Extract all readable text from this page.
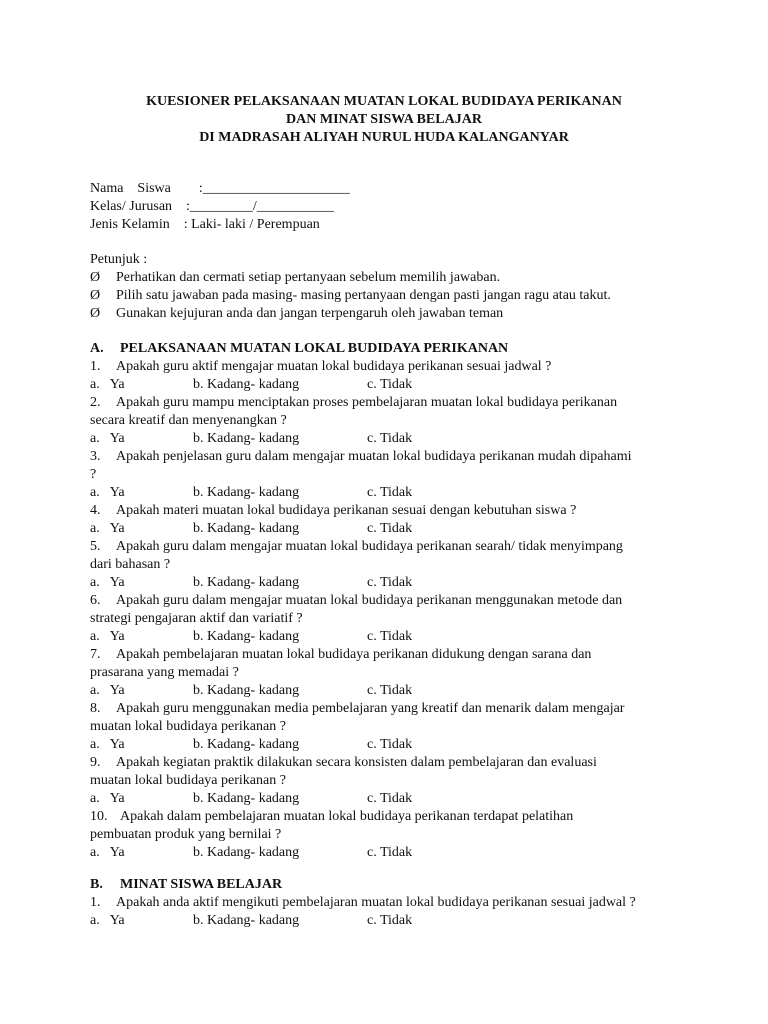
KUESIONER PELAKSANAAN MUATAN LOKAL BUDIDAYA PERIKANAN
DAN MINAT SISWA BELAJAR
DI MADRASAH ALIYAH NURUL HUDA KALANGANYAR
Nama    Siswa        :_____________________
Kelas/ Jurusan    :_________/___________
Jenis Kelamin    : Laki- laki / Perempuan
Petunjuk :
Ø Perhatikan dan cermati setiap pertanyaan sebelum memilih jawaban.
Ø Pilih satu jawaban pada masing- masing pertanyaan dengan pasti jangan ragu atau takut.
Ø Gunakan kejujuran anda dan jangan terpengaruh oleh jawaban teman
A. PELAKSANAAN MUATAN LOKAL BUDIDAYA PERIKANAN
1. Apakah guru aktif mengajar muatan lokal budidaya perikanan sesuai jadwal ?
a.   Ya	b. Kadang- kadang	c. Tidak
2. Apakah guru mampu menciptakan proses pembelajaran muatan lokal budidaya perikanan
secara kreatif dan menyenangkan ?
a.   Ya	b. Kadang- kadang	c. Tidak
3. Apakah penjelasan guru dalam mengajar muatan lokal budidaya perikanan mudah dipahami
?
a.   Ya	b. Kadang- kadang	c. Tidak
4. Apakah materi muatan lokal budidaya perikanan sesuai dengan kebutuhan siswa ?
a.   Ya	b. Kadang- kadang	c. Tidak
5. Apakah guru dalam mengajar muatan lokal budidaya perikanan searah/ tidak menyimpang
dari bahasan ?
a.   Ya	b. Kadang- kadang	c. Tidak
6. Apakah guru dalam mengajar muatan lokal budidaya perikanan menggunakan metode dan
strategi pengajaran aktif dan variatif ?
a.   Ya	b. Kadang- kadang	c. Tidak
7. Apakah pembelajaran muatan lokal budidaya perikanan didukung dengan sarana dan
prasarana yang memadai ?
a.   Ya	b. Kadang- kadang	c. Tidak
8. Apakah guru menggunakan media pembelajaran yang kreatif dan menarik dalam mengajar
muatan lokal budidaya perikanan ?
a.   Ya	b. Kadang- kadang	c. Tidak
9. Apakah kegiatan praktik dilakukan secara konsisten dalam pembelajaran dan evaluasi
muatan lokal budidaya perikanan ?
a.   Ya	b. Kadang- kadang	c. Tidak
10. Apakah dalam pembelajaran muatan lokal budidaya perikanan terdapat pelatihan
pembuatan produk yang bernilai ?
a.   Ya	b. Kadang- kadang	c. Tidak
B. MINAT SISWA BELAJAR
1. Apakah anda aktif mengikuti pembelajaran muatan lokal budidaya perikanan sesuai jadwal ?
a.   Ya	b. Kadang- kadang	c. Tidak
